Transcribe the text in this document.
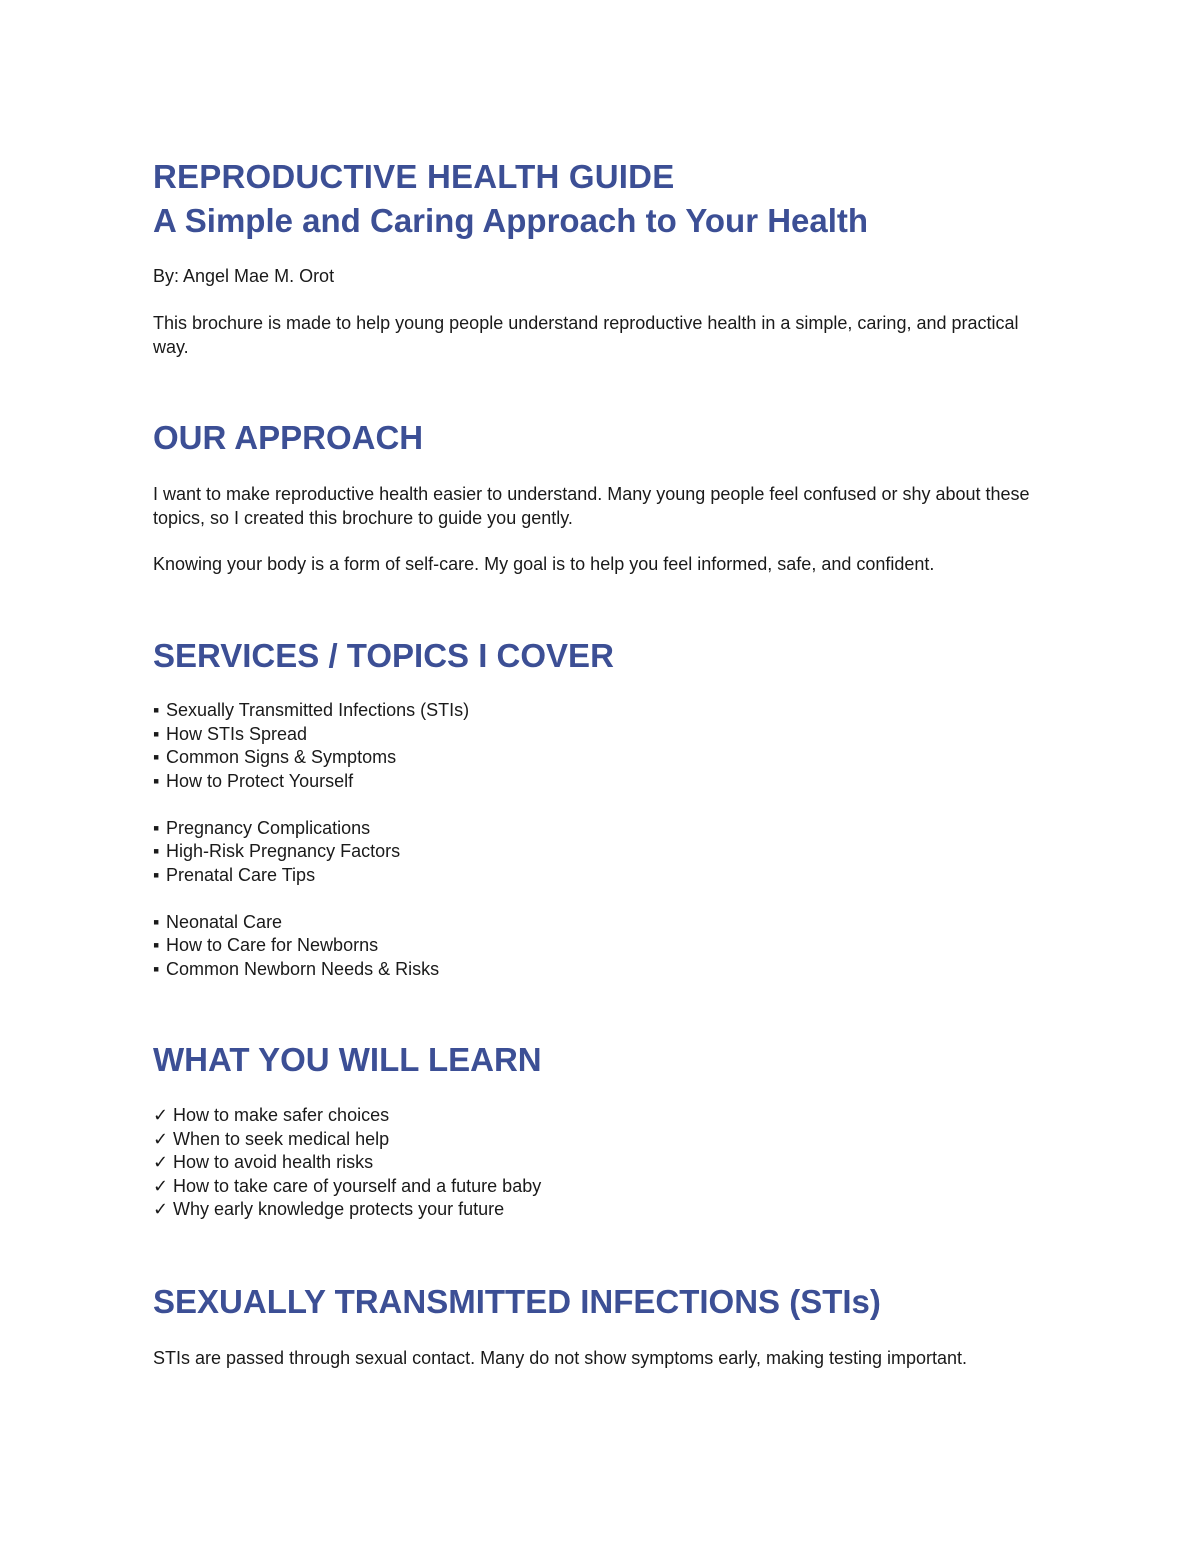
REPRODUCTIVE HEALTH GUIDE
A Simple and Caring Approach to Your Health

By: Angel Mae M. Orot

This brochure is made to help young people understand reproductive health in a simple, caring, and practical way.

OUR APPROACH

I want to make reproductive health easier to understand. Many young people feel confused or shy about these topics, so I created this brochure to guide you gently.

Knowing your body is a form of self-care. My goal is to help you feel informed, safe, and confident.

SERVICES / TOPICS I COVER
▪ Sexually Transmitted Infections (STIs)
▪ How STIs Spread
▪ Common Signs & Symptoms
▪ How to Protect Yourself
▪ Pregnancy Complications
▪ High-Risk Pregnancy Factors
▪ Prenatal Care Tips
▪ Neonatal Care
▪ How to Care for Newborns
▪ Common Newborn Needs & Risks
WHAT YOU WILL LEARN
✓ How to make safer choices
✓ When to seek medical help
✓ How to avoid health risks
✓ How to take care of yourself and a future baby
✓ Why early knowledge protects your future
SEXUALLY TRANSMITTED INFECTIONS (STIs)

STIs are passed through sexual contact. Many do not show symptoms early, making testing important.
